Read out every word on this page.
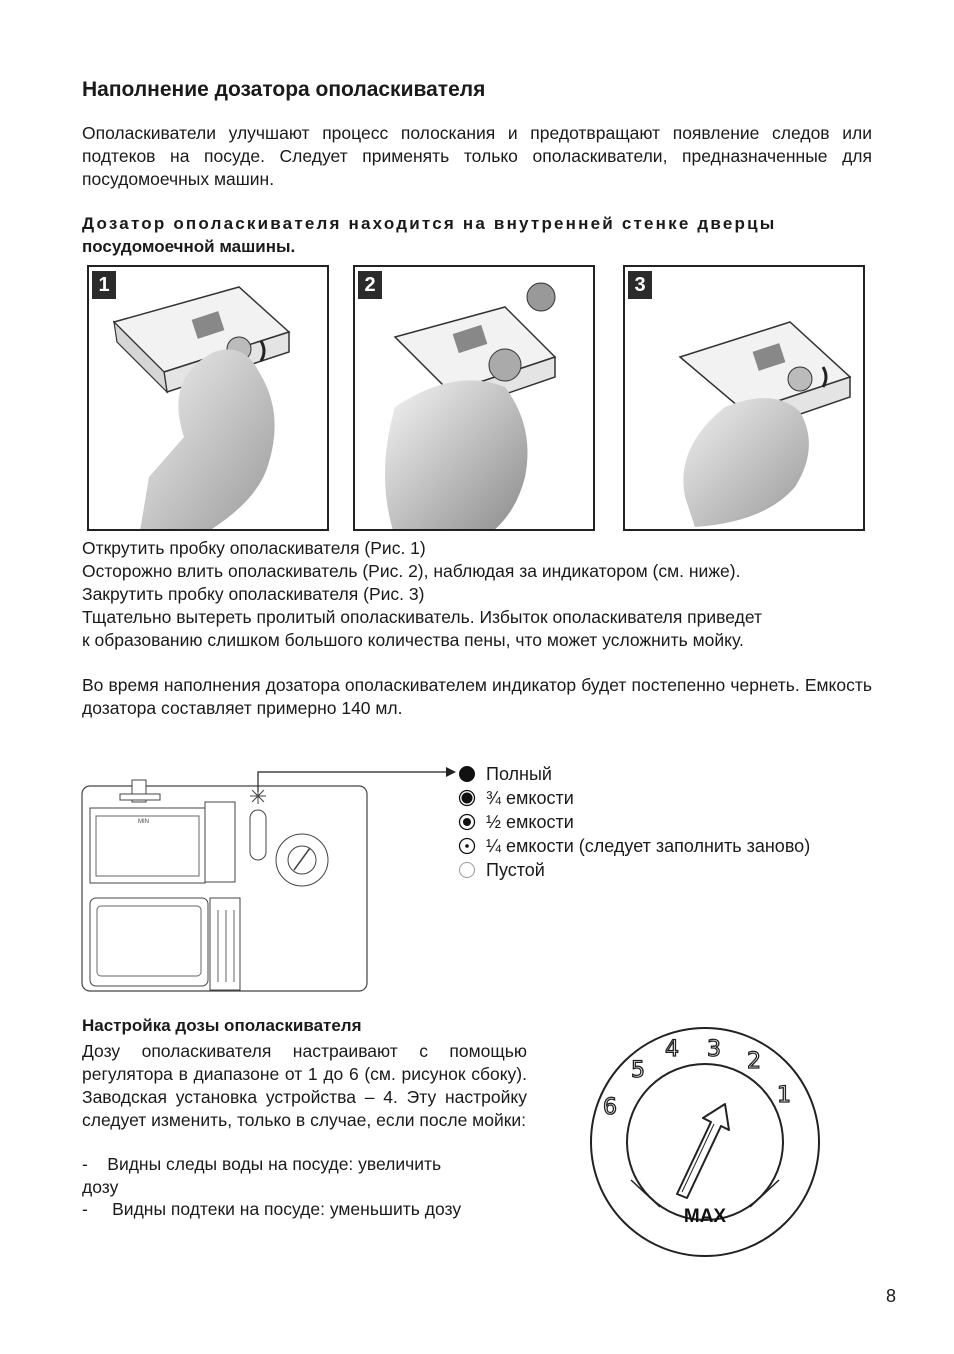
Наполнение дозатора ополаскивателя
Ополаскиватели улучшают процесс полоскания и предотвращают появление следов или подтеков на посуде. Следует применять только ополаскиватели, предназначенные для посудомоечных машин.
Дозатор ополаскивателя находится на внутренней стенке дверцы
посудомоечной машины.
1	2	3
Открутить пробку ополаскивателя (Рис. 1)
Осторожно влить ополаскиватель (Рис. 2), наблюдая за индикатором (см. ниже).
Закрутить пробку ополаскивателя (Рис. 3)
Тщательно вытереть пролитый ополаскиватель. Избыток ополаскивателя приведет
к образованию слишком большого количества пены, что может усложнить мойку.
Во время наполнения дозатора ополаскивателем индикатор будет постепенно чернеть. Емкость дозатора составляет примерно 140 мл.
MIN
Полный
¾ емкости
½ емкости
¼ емкости (следует заполнить заново)
Пустой
Настройка дозы ополаскивателя
Дозу ополаскивателя настраивают с помощью регулятора в диапазоне от 1 до 6 (см. рисунок сбоку). Заводская установка устройства – 4. Эту настройку следует изменить, только в случае, если после мойки:
-    Видны следы воды на посуде: увеличить
дозу
-     Видны подтеки на посуде: уменьшить дозу
1
2
3
4
5
6
MAX
8
